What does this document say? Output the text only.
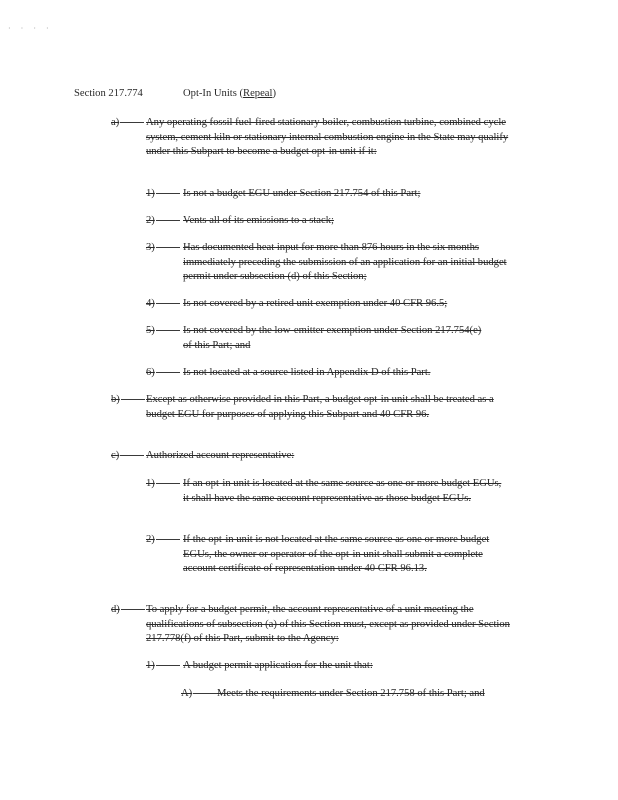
· · · ·
Section 217.774	Opt-In Units (Repeal)
a)	Any operating fossil fuel-fired stationary boiler, combustion turbine, combined cycle system, cement kiln or stationary internal combustion engine in the State may qualify under this Subpart to become a budget opt-in unit if it:
1)	Is not a budget EGU under Section 217.754 of this Part;
2)	Vents all of its emissions to a stack;
3)	Has documented heat input for more than 876 hours in the six months immediately preceding the submission of an application for an initial budget permit under subsection (d) of this Section;
4)	Is not covered by a retired unit exemption under 40 CFR 96.5;
5)	Is not covered by the low-emitter exemption under Section 217.754(e) of this Part; and
6)	Is not located at a source listed in Appendix D of this Part.
b)	Except as otherwise provided in this Part, a budget opt-in unit shall be treated as a budget EGU for purposes of applying this Subpart and 40 CFR 96.
c)	Authorized account representative:
1)	If an opt-in unit is located at the same source as one or more budget EGUs, it shall have the same account representative as those budget EGUs.
2)	If the opt-in unit is not located at the same source as one or more budget EGUs, the owner or operator of the opt-in unit shall submit a complete account certificate of representation under 40 CFR 96.13.
d)	To apply for a budget permit, the account representative of a unit meeting the qualifications of subsection (a) of this Section must, except as provided under Section 217.778(f) of this Part, submit to the Agency:
1)	A budget permit application for the unit that:
A)	Meets the requirements under Section 217.758 of this Part; and
